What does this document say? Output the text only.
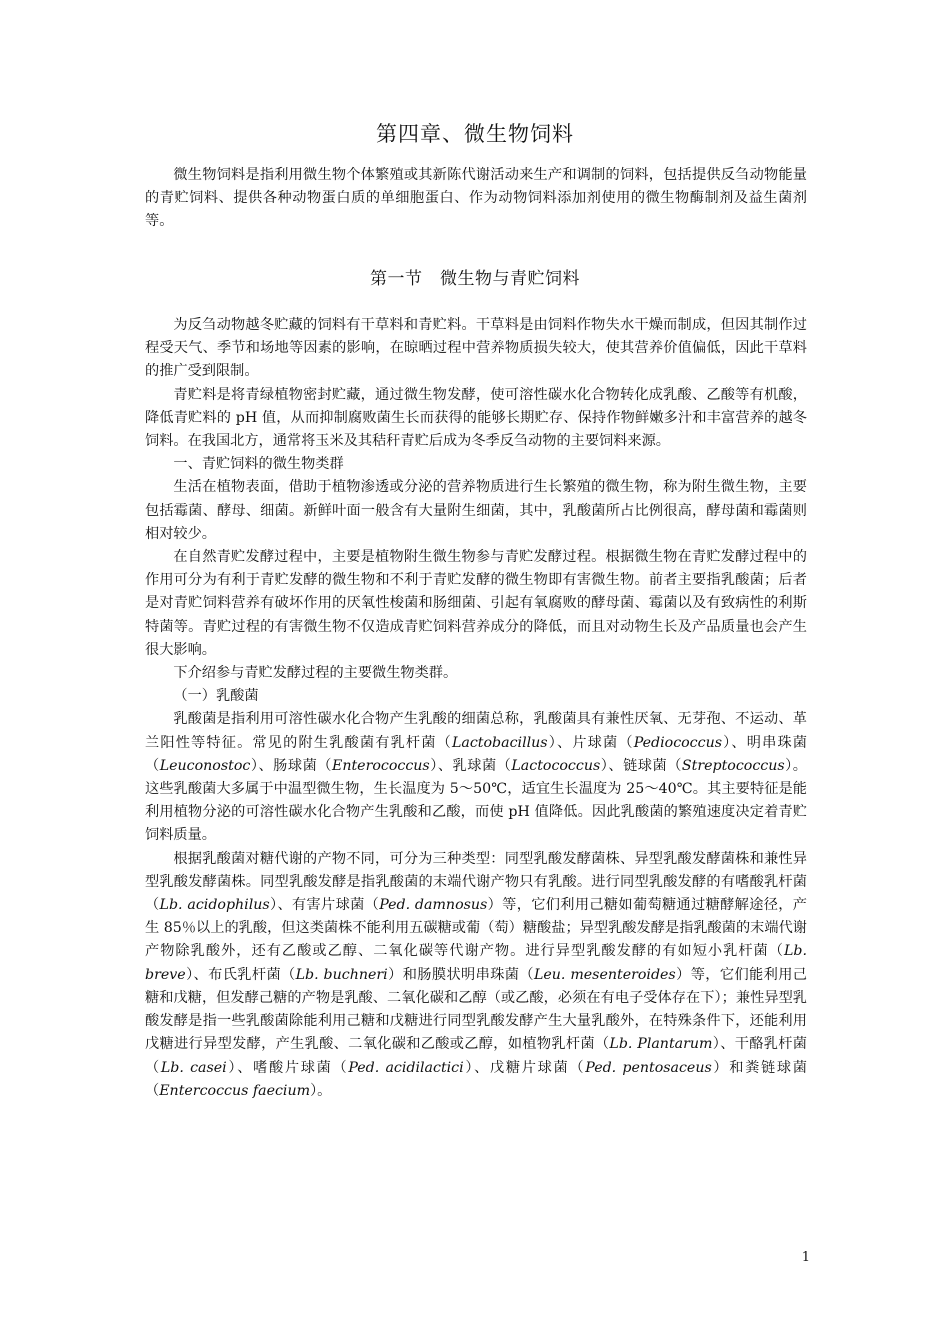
第四章、微生物饲料

微生物饲料是指利用微生物个体繁殖或其新陈代谢活动来生产和调制的饲料，包括提供反刍动物能量的青贮饲料、提供各种动物蛋白质的单细胞蛋白、作为动物饲料添加剂使用的微生物酶制剂及益生菌剂等。

第一节　微生物与青贮饲料

为反刍动物越冬贮藏的饲料有干草料和青贮料。干草料是由饲料作物失水干燥而制成，但因其制作过程受天气、季节和场地等因素的影响，在晾晒过程中营养物质损失较大，使其营养价值偏低，因此干草料的推广受到限制。

青贮料是将青绿植物密封贮藏，通过微生物发酵，使可溶性碳水化合物转化成乳酸、乙酸等有机酸，降低青贮料的 pH 值，从而抑制腐败菌生长而获得的能够长期贮存、保持作物鲜嫩多汁和丰富营养的越冬饲料。在我国北方，通常将玉米及其秸秆青贮后成为冬季反刍动物的主要饲料来源。

一、青贮饲料的微生物类群

生活在植物表面，借助于植物渗透或分泌的营养物质进行生长繁殖的微生物，称为附生微生物，主要包括霉菌、酵母、细菌。新鲜叶面一般含有大量附生细菌，其中，乳酸菌所占比例很高，酵母菌和霉菌则相对较少。

在自然青贮发酵过程中，主要是植物附生微生物参与青贮发酵过程。根据微生物在青贮发酵过程中的作用可分为有利于青贮发酵的微生物和不利于青贮发酵的微生物即有害微生物。前者主要指乳酸菌；后者是对青贮饲料营养有破坏作用的厌氧性梭菌和肠细菌、引起有氧腐败的酵母菌、霉菌以及有致病性的利斯特菌等。青贮过程的有害微生物不仅造成青贮饲料营养成分的降低，而且对动物生长及产品质量也会产生很大影响。

下介绍参与青贮发酵过程的主要微生物类群。

（一）乳酸菌

乳酸菌是指利用可溶性碳水化合物产生乳酸的细菌总称，乳酸菌具有兼性厌氧、无芽孢、不运动、革兰阳性等特征。常见的附生乳酸菌有乳杆菌（Lactobacillus）、片球菌（Pediococcus）、明串珠菌（Leuconostoc）、肠球菌（Enterococcus）、乳球菌（Lactococcus）、链球菌（Streptococcus）。这些乳酸菌大多属于中温型微生物，生长温度为 5～50℃，适宜生长温度为 25～40℃。其主要特征是能利用植物分泌的可溶性碳水化合物产生乳酸和乙酸，而使 pH 值降低。因此乳酸菌的繁殖速度决定着青贮饲料质量。

根据乳酸菌对糖代谢的产物不同，可分为三种类型：同型乳酸发酵菌株、异型乳酸发酵菌株和兼性异型乳酸发酵菌株。同型乳酸发酵是指乳酸菌的末端代谢产物只有乳酸。进行同型乳酸发酵的有嗜酸乳杆菌（Lb. acidophilus）、有害片球菌（Ped. damnosus）等，它们利用己糖如葡萄糖通过糖酵解途径，产生 85％以上的乳酸，但这类菌株不能利用五碳糖或葡（萄）糖酸盐；异型乳酸发酵是指乳酸菌的末端代谢产物除乳酸外，还有乙酸或乙醇、二氧化碳等代谢产物。进行异型乳酸发酵的有如短小乳杆菌（Lb. breve）、布氏乳杆菌（Lb. buchneri）和肠膜状明串珠菌（Leu. mesenteroides）等，它们能利用己糖和戊糖，但发酵己糖的产物是乳酸、二氧化碳和乙醇（或乙酸，必须在有电子受体存在下）；兼性异型乳酸发酵是指一些乳酸菌除能利用己糖和戊糖进行同型乳酸发酵产生大量乳酸外，在特殊条件下，还能利用戊糖进行异型发酵，产生乳酸、二氧化碳和乙酸或乙醇，如植物乳杆菌（Lb. Plantarum）、干酪乳杆菌（Lb. casei）、嗜酸片球菌（Ped. acidilactici）、戊糖片球菌（Ped. pentosaceus）和粪链球菌（Entercoccus faecium）。

1
